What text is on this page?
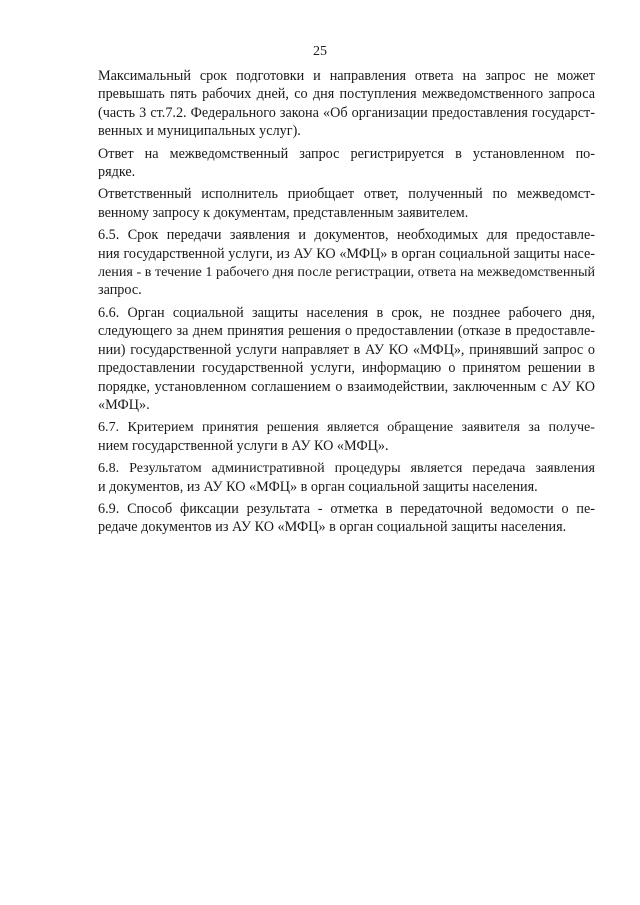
25

Максимальный срок подготовки и направления ответа на запрос не может
превышать пять рабочих дней, со дня поступления межведомственного запроса
(часть 3 ст.7.2. Федерального закона «Об организации предоставления государст-
венных и муниципальных услуг).

Ответ на межведомственный запрос регистрируется в установленном по-
рядке.

Ответственный исполнитель приобщает ответ, полученный по межведомст-
венному запросу к документам, представленным заявителем.

6.5. Срок передачи заявления и документов, необходимых для предоставле-
ния государственной услуги, из АУ КО «МФЦ» в орган социальной защиты насе-
ления - в течение 1 рабочего дня после регистрации, ответа на межведомственный
запрос.

6.6. Орган социальной защиты населения в срок, не позднее рабочего дня,
следующего за днем принятия решения о предоставлении (отказе в предоставле-
нии) государственной услуги направляет в АУ КО «МФЦ», принявший запрос о
предоставлении государственной услуги, информацию о принятом решении в
порядке, установленном соглашением о взаимодействии, заключенным с АУ КО
«МФЦ».

6.7. Критерием принятия решения является обращение заявителя за получе-
нием государственной услуги в АУ КО «МФЦ».

6.8. Результатом административной процедуры является передача заявления
и документов, из АУ КО «МФЦ» в орган социальной защиты населения.

6.9. Способ фиксации результата - отметка в передаточной ведомости о пе-
редаче документов из АУ КО «МФЦ» в орган социальной защиты населения.
